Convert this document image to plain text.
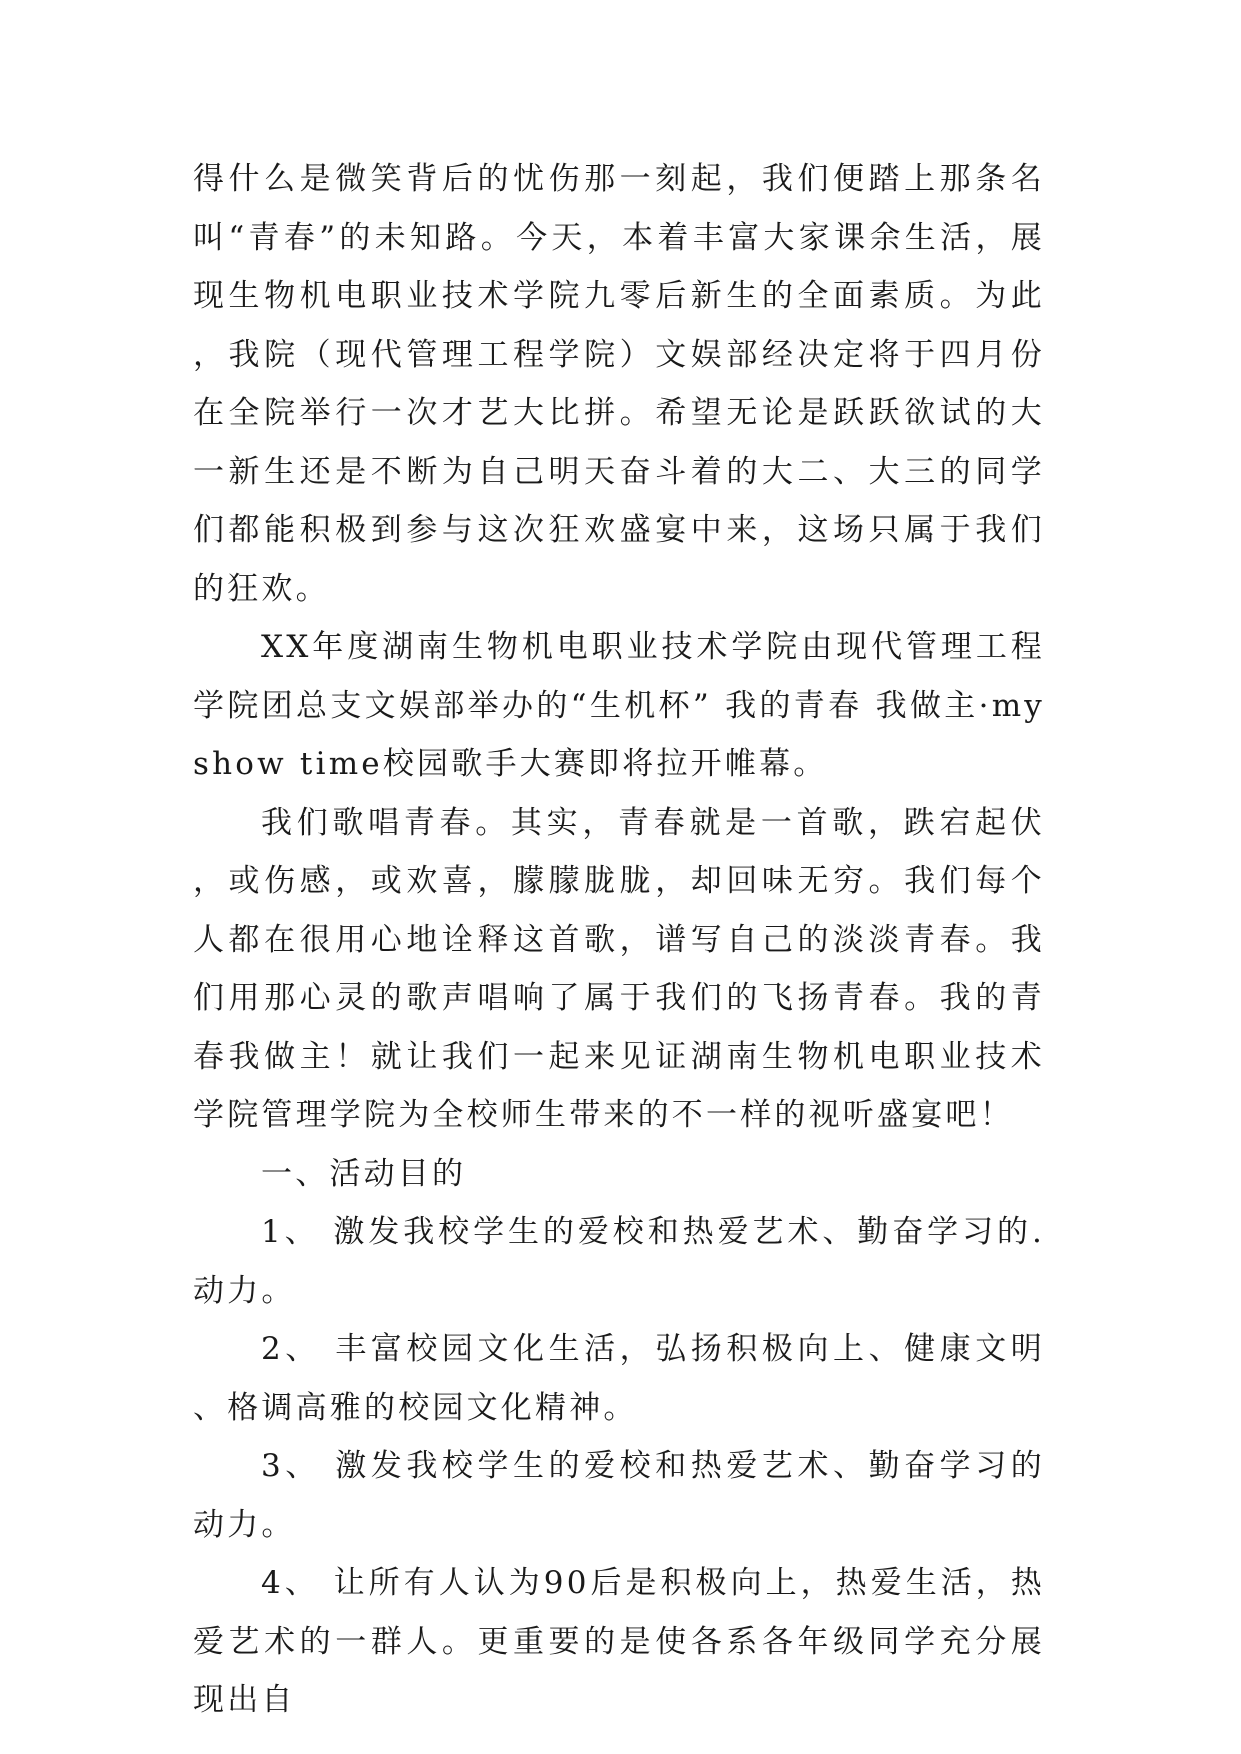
得什么是微笑背后的忧伤那一刻起，我们便踏上那条名叫“青春”的未知路。今天，本着丰富大家课余生活，展现生物机电职业技术学院九零后新生的全面素质。为此，我院（现代管理工程学院）文娱部经决定将于四月份在全院举行一次才艺大比拼。希望无论是跃跃欲试的大一新生还是不断为自己明天奋斗着的大二、大三的同学们都能积极到参与这次狂欢盛宴中来，这场只属于我们的狂欢。

XX年度湖南生物机电职业技术学院由现代管理工程学院团总支文娱部举办的“生机杯” 我的青春 我做主·my show time校园歌手大赛即将拉开帷幕。

我们歌唱青春。其实，青春就是一首歌，跌宕起伏，或伤感，或欢喜，朦朦胧胧，却回味无穷。我们每个人都在很用心地诠释这首歌，谱写自己的淡淡青春。我们用那心灵的歌声唱响了属于我们的飞扬青春。我的青春我做主！就让我们一起来见证湖南生物机电职业技术学院管理学院为全校师生带来的不一样的视听盛宴吧！

一、活动目的

1、 激发我校学生的爱校和热爱艺术、勤奋学习的.动力。

2、 丰富校园文化生活，弘扬积极向上、健康文明、格调高雅的校园文化精神。

3、 激发我校学生的爱校和热爱艺术、勤奋学习的动力。

4、 让所有人认为90后是积极向上，热爱生活，热爱艺术的一群人。更重要的是使各系各年级同学充分展现出自
